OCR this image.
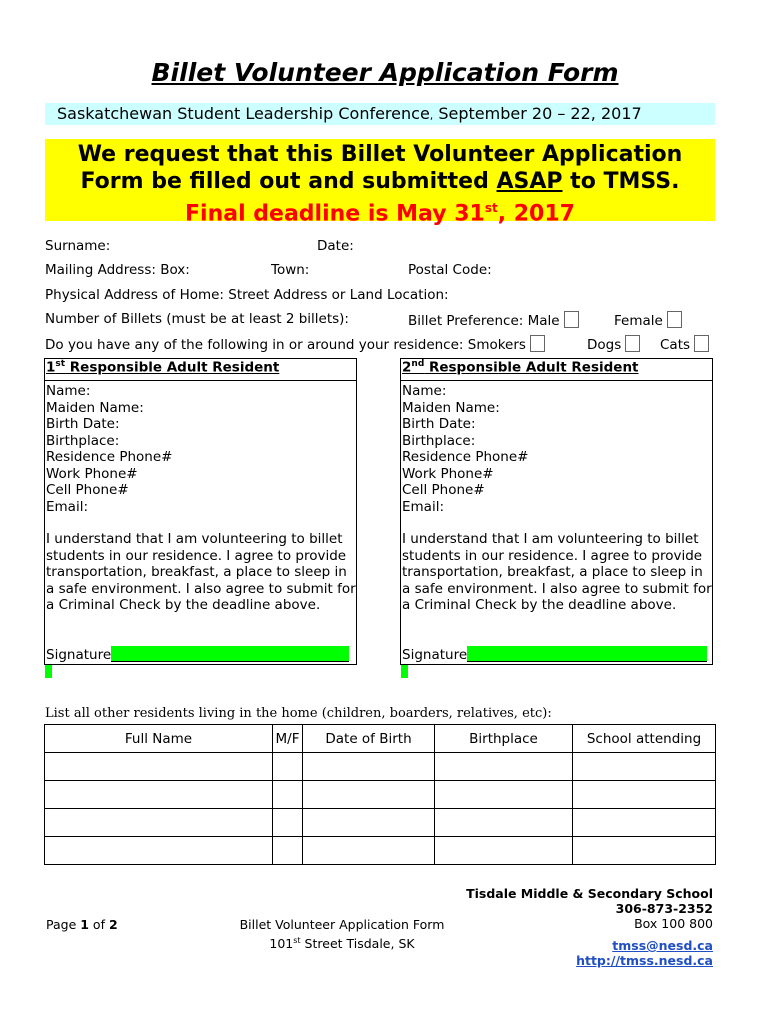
Billet Volunteer Application Form
Saskatchewan Student Leadership Conference, September 20 – 22, 2017
We request that this Billet Volunteer Application
Form be filled out and submitted ASAP to TMSS.
Final deadline is May 31st, 2017
Surname:	Date:
Mailing Address: Box:	Town:	Postal Code:
Physical Address of Home: Street Address or Land Location:
Number of Billets (must be at least 2 billets):	Billet Preference: Male	Female
Do you have any of the following in or around your residence: Smokers	Dogs	Cats
1st Responsible Adult Resident
Name:
Maiden Name:
Birth Date:
Birthplace:
Residence Phone#
Work Phone#
Cell Phone#
Email:
I understand that I am volunteering to billet students in our residence. I agree to provide transportation, breakfast, a place to sleep in a safe environment. I also agree to submit for a Criminal Check by the deadline above.
Signature
2nd Responsible Adult Resident
Name:
Maiden Name:
Birth Date:
Birthplace:
Residence Phone#
Work Phone#
Cell Phone#
Email:
I understand that I am volunteering to billet students in our residence. I agree to provide transportation, breakfast, a place to sleep in a safe environment. I also agree to submit for a Criminal Check by the deadline above.
Signature
List all other residents living in the home (children, boarders, relatives, etc):
Full Name	M/F	Date of Birth	Birthplace	School attending

Page 1 of 2	Billet Volunteer Application Form
101st Street Tisdale, SK
Tisdale Middle & Secondary School
306-873-2352
Box 100 800
tmss@nesd.ca
http://tmss.nesd.ca
